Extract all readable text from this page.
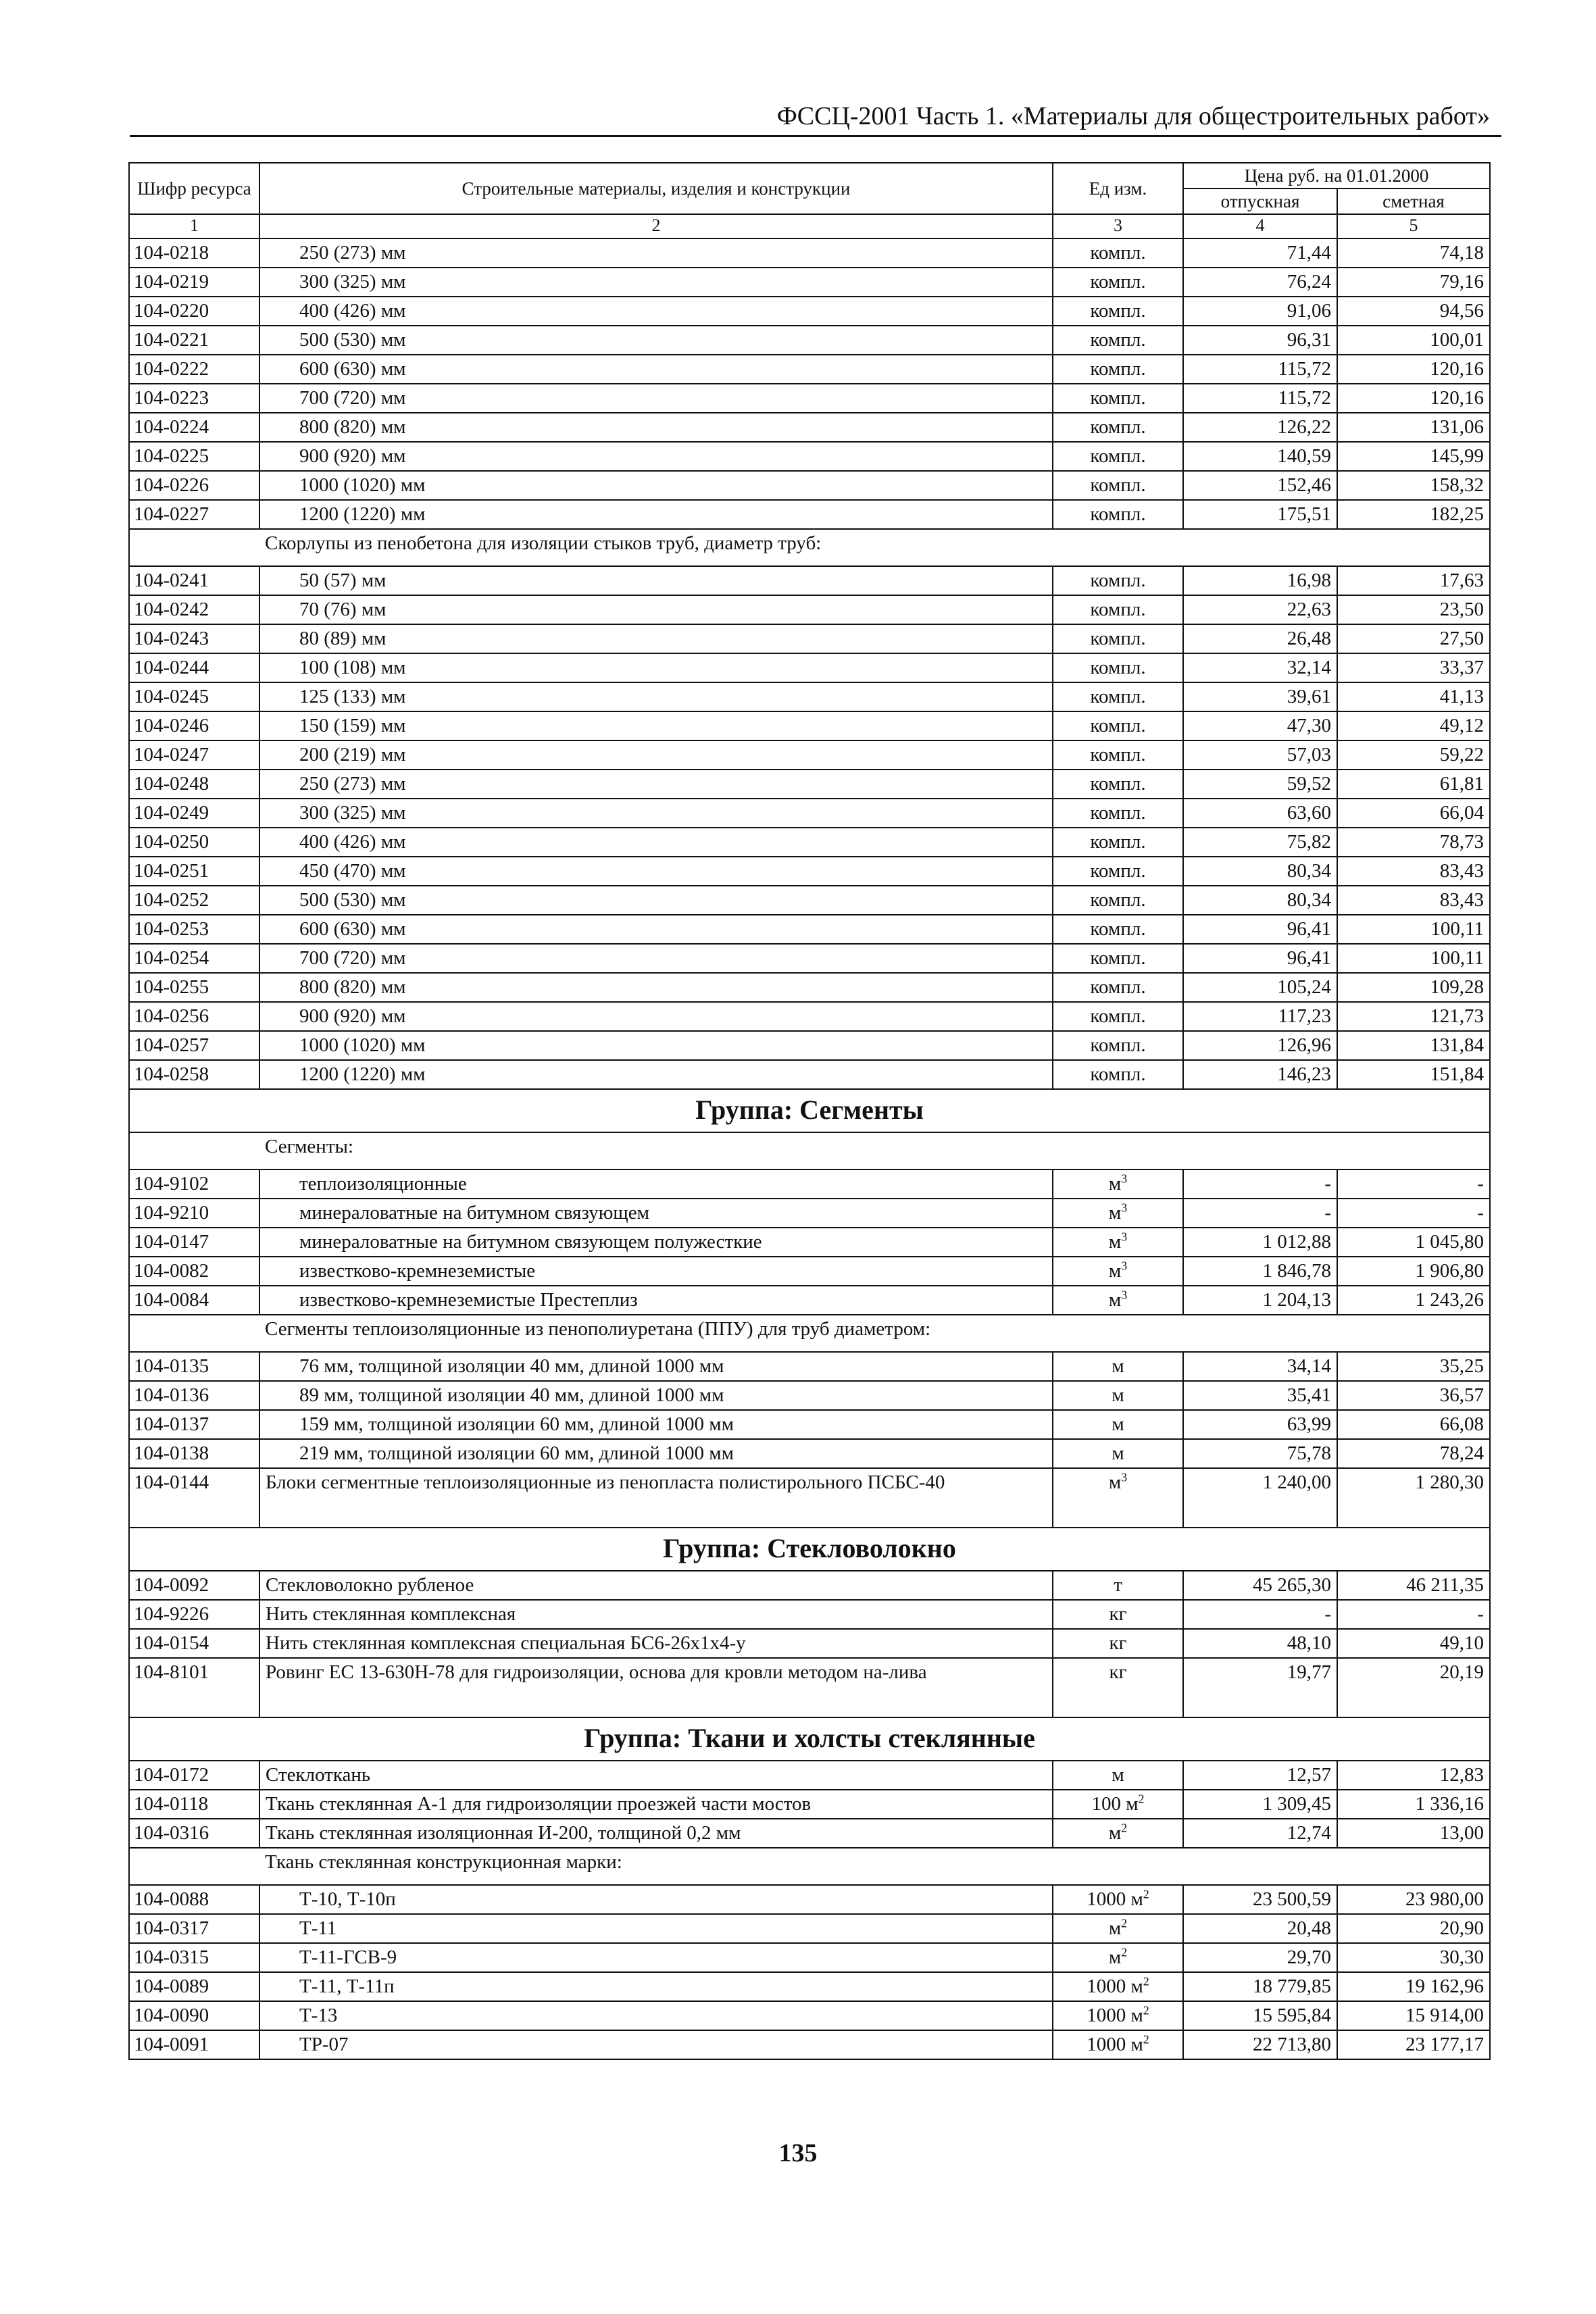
ФССЦ-2001 Часть 1. «Материалы для общестроительных работ»
Шифр ресурса	Строительные материалы, изделия и конструкции	Ед изм.	Цена руб. на 01.01.2000	
			отпускная	сметная
1	2	3	4	5
104-0218	250 (273) мм	компл.	71,44	74,18
104-0219	300 (325) мм	компл.	76,24	79,16
104-0220	400 (426) мм	компл.	91,06	94,56
104-0221	500 (530) мм	компл.	96,31	100,01
104-0222	600 (630) мм	компл.	115,72	120,16
104-0223	700 (720) мм	компл.	115,72	120,16
104-0224	800 (820) мм	компл.	126,22	131,06
104-0225	900 (920) мм	компл.	140,59	145,99
104-0226	1000 (1020) мм	компл.	152,46	158,32
104-0227	1200 (1220) мм	компл.	175,51	182,25
Скорлупы из пенобетона для изоляции стыков труб, диаметр труб:				
104-0241	50 (57) мм	компл.	16,98	17,63
104-0242	70 (76) мм	компл.	22,63	23,50
104-0243	80 (89) мм	компл.	26,48	27,50
104-0244	100 (108) мм	компл.	32,14	33,37
104-0245	125 (133) мм	компл.	39,61	41,13
104-0246	150 (159) мм	компл.	47,30	49,12
104-0247	200 (219) мм	компл.	57,03	59,22
104-0248	250 (273) мм	компл.	59,52	61,81
104-0249	300 (325) мм	компл.	63,60	66,04
104-0250	400 (426) мм	компл.	75,82	78,73
104-0251	450 (470) мм	компл.	80,34	83,43
104-0252	500 (530) мм	компл.	80,34	83,43
104-0253	600 (630) мм	компл.	96,41	100,11
104-0254	700 (720) мм	компл.	96,41	100,11
104-0255	800 (820) мм	компл.	105,24	109,28
104-0256	900 (920) мм	компл.	117,23	121,73
104-0257	1000 (1020) мм	компл.	126,96	131,84
104-0258	1200 (1220) мм	компл.	146,23	151,84
Группа: Сегменты				
Сегменты:				
104-9102	теплоизоляционные	$м^3$	-	-
104-9210	минераловатные на битумном связующем	$м^3$	-	-
104-0147	минераловатные на битумном связующем полужесткие	$м^3$	1 012,88	1 045,80
104-0082	известково-кремнеземистые	$м^3$	1 846,78	1 906,80
104-0084	известково-кремнеземистые Престеплиз	$м^3$	1 204,13	1 243,26
Сегменты теплоизоляционные из пенополиуретана (ППУ) для труб диаметром:				
104-0135	76 мм, толщиной изоляции 40 мм, длиной 1000 мм	м	34,14	35,25
104-0136	89 мм, толщиной изоляции 40 мм, длиной 1000 мм	м	35,41	36,57
104-0137	159 мм, толщиной изоляции 60 мм, длиной 1000 мм	м	63,99	66,08
104-0138	219 мм, толщиной изоляции 60 мм, длиной 1000 мм	м	75,78	78,24
104-0144	Блоки сегментные теплоизоляционные из пенопласта полистирольного ПСБС-40	$м^3$	1 240,00	1 280,30
Группа: Стекловолокно				
104-0092	Стекловолокно рубленое	т	45 265,30	46 211,35
104-9226	Нить стеклянная комплексная	кг	-	-
104-0154	Нить стеклянная комплексная специальная БС6-26х1х4-у	кг	48,10	49,10
104-8101	Ровинг ЕС 13-630Н-78 для гидроизоляции, основа для кровли методом на-лива	кг	19,77	20,19
Группа: Ткани и холсты стеклянные				
104-0172	Стеклоткань	м	12,57	12,83
104-0118	Ткань стеклянная А-1 для гидроизоляции проезжей части мостов	100 $м^2$	1 309,45	1 336,16
104-0316	Ткань стеклянная изоляционная И-200, толщиной 0,2 мм	$м^2$	12,74	13,00
Ткань стеклянная конструкционная марки:				
104-0088	Т-10, Т-10п	1000 $м^2$	23 500,59	23 980,00
104-0317	Т-11	$м^2$	20,48	20,90
104-0315	Т-11-ГСВ-9	$м^2$	29,70	30,30
104-0089	Т-11, Т-11п	1000 $м^2$	18 779,85	19 162,96
104-0090	Т-13	1000 $м^2$	15 595,84	15 914,00
104-0091	ТР-07	1000 $м^2$	22 713,80	23 177,17
135
